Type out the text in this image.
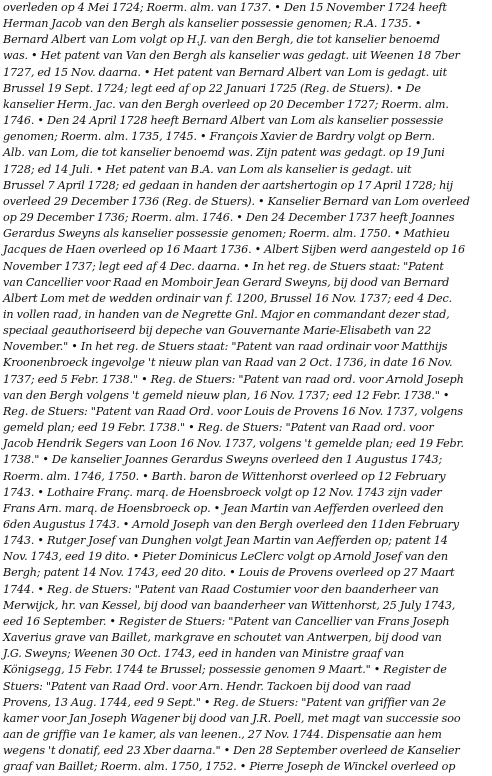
overleden op 4 Mei 1724; Roerm. alm. van 1737. • Den 15 November 1724 heeft
Herman Jacob van den Bergh als kanselier possessie genomen; R.A. 1735. •
Bernard Albert van Lom volgt op H.J. van den Bergh, die tot kanselier benoemd
was. • Het patent van Van den Bergh als kanselier was gedagt. uit Weenen 18 7ber
1727, ed 15 Nov. daarna. • Het patent van Bernard Albert van Lom is gedagt. uit
Brussel 19 Sept. 1724; legt eed af op 22 Januari 1725 (Reg. de Stuers). • De
kanselier Herm. Jac. van den Bergh overleed op 20 December 1727; Roerm. alm.
1746. • Den 24 April 1728 heeft Bernard Albert van Lom als kanselier possessie
genomen; Roerm. alm. 1735, 1745. • François Xavier de Bardry volgt op Bern.
Alb. van Lom, die tot kanselier benoemd was. Zijn patent was gedagt. op 19 Juni
1728; ed 14 Juli. • Het patent van B.A. van Lom als kanselier is gedagt. uit
Brussel 7 April 1728; ed gedaan in handen der aartshertogin op 17 April 1728; hij
overleed 29 December 1736 (Reg. de Stuers). • Kanselier Bernard van Lom overleed
op 29 December 1736; Roerm. alm. 1746. • Den 24 December 1737 heeft Joannes
Gerardus Sweyns als kanselier possessie genomen; Roerm. alm. 1750. • Mathieu
Jacques de Haen overleed op 16 Maart 1736. • Albert Sijben werd aangesteld op 16
November 1737; legt eed af 4 Dec. daarna. • In het reg. de Stuers staat: "Patent
van Cancellier voor Raad en Momboir Jean Gerard Sweyns, bij dood van Bernard
Albert Lom met de wedden ordinair van f. 1200, Brussel 16 Nov. 1737; eed 4 Dec.
in vollen raad, in handen van de Negrette Gnl. Major en commandant dezer stad,
speciaal geauthoriseerd bij depeche van Gouvernante Marie-Elisabeth van 22
November." • In het reg. de Stuers staat: "Patent van raad ordinair voor Matthijs
Kroonenbroeck ingevolge 't nieuw plan van Raad van 2 Oct. 1736, in date 16 Nov.
1737; eed 5 Febr. 1738." • Reg. de Stuers: "Patent van raad ord. voor Arnold Joseph
van den Bergh volgens 't gemeld nieuw plan, 16 Nov. 1737; eed 12 Febr. 1738." •
Reg. de Stuers: "Patent van Raad Ord. voor Louis de Provens 16 Nov. 1737, volgens
gemeld plan; eed 19 Febr. 1738." • Reg. de Stuers: "Patent van Raad ord. voor
Jacob Hendrik Segers van Loon 16 Nov. 1737, volgens 't gemelde plan; eed 19 Febr.
1738." • De kanselier Joannes Gerardus Sweyns overleed den 1 Augustus 1743;
Roerm. alm. 1746, 1750. • Barth. baron de Wittenhorst overleed op 12 February
1743. • Lothaire Franç. marq. de Hoensbroeck volgt op 12 Nov. 1743 zijn vader
Frans Arn. marq. de Hoensbroeck op. • Jean Martin van Aefferden overleed den
6den Augustus 1743. • Arnold Joseph van den Bergh overleed den 11den February
1743. • Rutger Josef van Dunghen volgt Jean Martin van Aefferden op; patent 14
Nov. 1743, eed 19 dito. • Pieter Dominicus LeClerc volgt op Arnold Josef van den
Bergh; patent 14 Nov. 1743, eed 20 dito. • Louis de Provens overleed op 27 Maart
1744. • Reg. de Stuers: "Patent van Raad Costumier voor den baanderheer van
Merwijck, hr. van Kessel, bij dood van baanderheer van Wittenhorst, 25 July 1743,
eed 16 September. • Register de Stuers: "Patent van Cancellier van Frans Joseph
Xaverius grave van Baillet, markgrave en schoutet van Antwerpen, bij dood van
J.G. Sweyns; Weenen 30 Oct. 1743, eed in handen van Ministre graaf van
Königsegg, 15 Febr. 1744 te Brussel; possessie genomen 9 Maart." • Register de
Stuers: "Patent van Raad Ord. voor Arn. Hendr. Tackoen bij dood van raad
Provens, 13 Aug. 1744, eed 9 Sept." • Reg. de Stuers: "Patent van griffier van 2e
kamer voor Jan Joseph Wagener bij dood van J.R. Poell, met magt van successie soo
aan de griffie van 1e kamer, als van leenen., 27 Nov. 1744. Dispensatie aan hem
wegens 't donatif, eed 23 Xber daarna." • Den 28 September overleed de Kanselier
graaf van Baillet; Roerm. alm. 1750, 1752. • Pierre Joseph de Winckel overleed op
